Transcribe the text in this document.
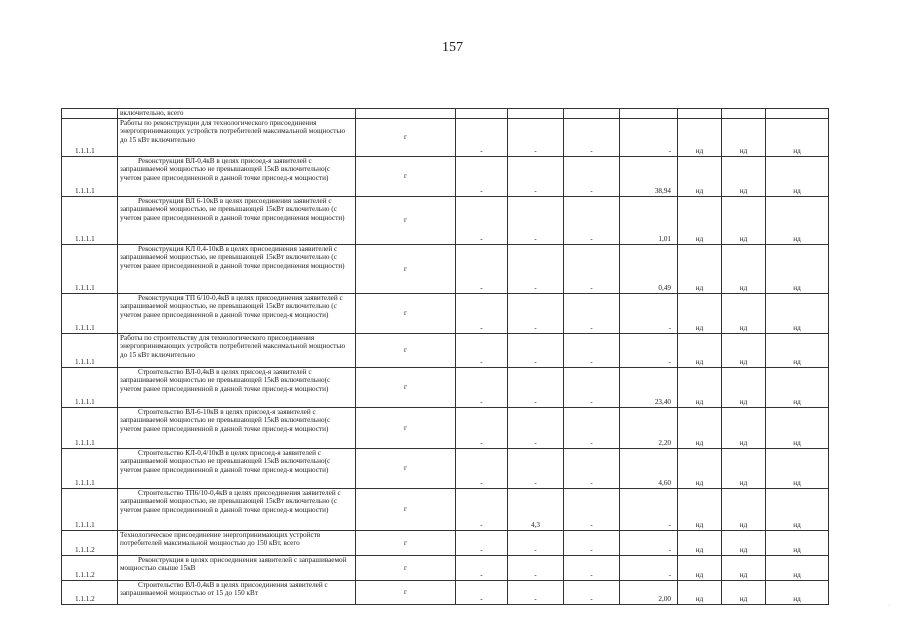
157
	включительно, всего								
1.1.1.1	Работы по реконструкции для технологического присоединения энергопринимающих устройств потребителей максимальной мощностью до 15 кВт включительно	г	-	-	-	-	нд	нд	нд
1.1.1.1	Реконструкция ВЛ-0,4кВ в целях присоед-я заявителей с запрашиваемой мощностью не превышающей 15кВ включительно(с учетом ранее присоединенной в данной точке присоед-я мощности)	г	-	-	-	38,94	нд	нд	нд
1.1.1.1	Реконструкция ВЛ 6-10кВ в целях присоединения заявителей с запрашиваемой мощностью, не превышающей 15кВт включительно (с учетом ранее присоединенной в данной точке присоединения мощности)	г	-	-	-	1,01	нд	нд	нд
1.1.1.1	Реконструкция КЛ 0,4-10кВ в целях присоединения заявителей с запрашиваемой мощностью, не превышающей 15кВт включительно (с учетом ранее присоединенной в данной точке присоединения мощности)	г	-	-	-	0,49	нд	нд	нд
1.1.1.1	Реконструкция ТП 6/10-0,4кВ в целях присоединения заявителей с запрашиваемой мощностью, не превышающей 15кВт включительно (с учетом ранее присоединенной в данной точке присоед-я мощности)	г	-	-	-	-	нд	нд	нд
1.1.1.1	Работы по строительству для технологического присоединения энергопринимающих устройств потребителей максимальной мощностью до 15 кВт включительно	г	-	-	-	-	нд	нд	нд
1.1.1.1	Строительство ВЛ-0,4кВ в целях присоед-я заявителей с запрашиваемой мощностью не превышающей 15кВ включительно(с учетом ранее присоединенной в данной точке присоед-я мощности)	г	-	-	-	23,40	нд	нд	нд
1.1.1.1	Строительство ВЛ-6-10кВ в целях присоед-я заявителей с запрашиваемой мощностью не превышающей 15кВ включительно(с учетом ранее присоединенной в данной точке присоед-я мощности)	г	-	-	-	2,20	нд	нд	нд
1.1.1.1	Строительство КЛ-0,4/10кВ в целях присоед-я заявителей с запрашиваемой мощностью не превышающей 15кВ включительно(с учетом ранее присоединенной в данной точке присоед-я мощности)	г	-	-	-	4,60	нд	нд	нд
1.1.1.1	Строительство ТП6/10-0,4кВ в целях присоединения заявителей с запрашиваемой мощностью, не превышающей 15кВт включительно (с учетом ранее присоединенной в данной точке присоед-я мощности)	г	-	4,3	-	-	нд	нд	нд
1.1.1.2	Технологическое присоединение энергопринимающих устройств потребителей максимальной мощностью до 150 кВт, всего	г	-	-	-	-	нд	нд	нд
1.1.1.2	Реконструкция в целях присоединения заявителей с запрашиваемой мощностью свыше 15кВ	г	-	-	-	-	нд	нд	нд
1.1.1.2	Строительство ВЛ-0,4кВ в целях присоединения заявителей с запрашиваемой мощностью от 15 до 150 кВт	г	-	-	-	2,00	нд	нд	нд
·
